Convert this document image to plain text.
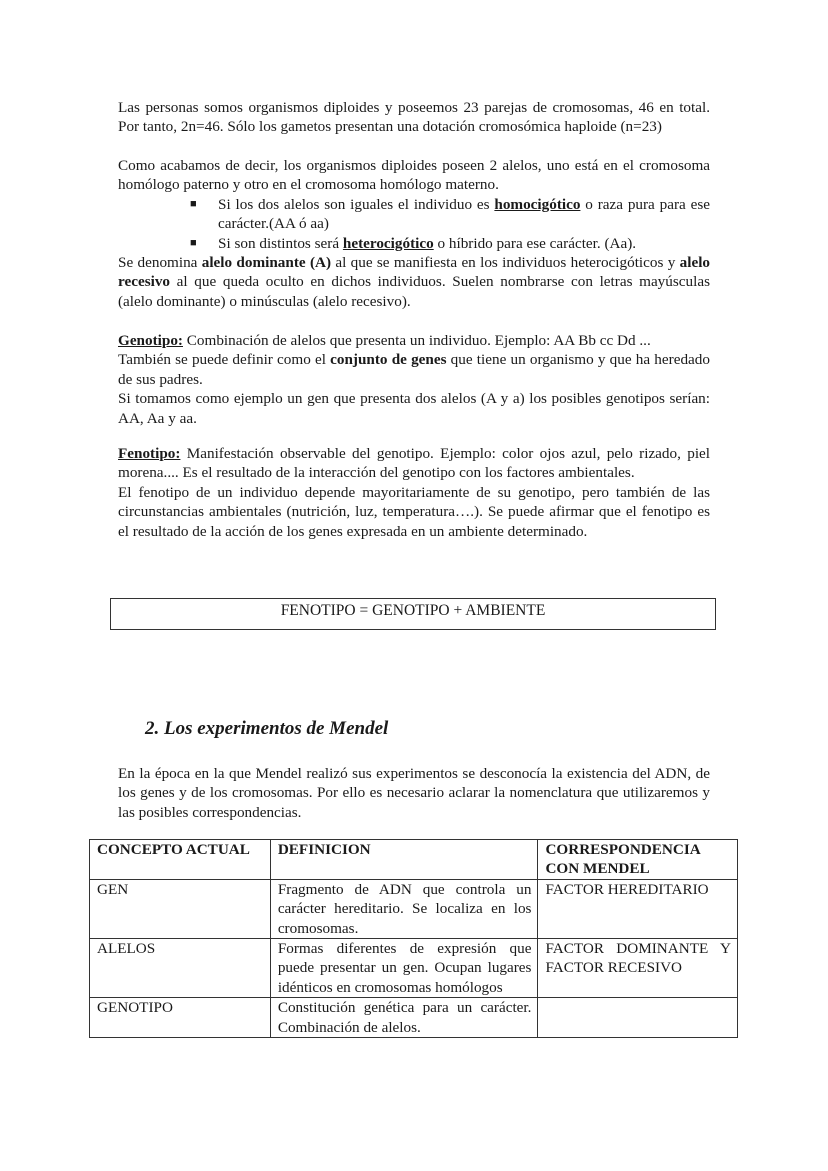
Las personas somos organismos diploides y poseemos 23 parejas de cromosomas, 46 en total. Por tanto, 2n=46. Sólo los gametos presentan una dotación cromosómica haploide (n=23)

Como acabamos de decir, los organismos diploides poseen 2 alelos, uno está en el cromosoma homólogo paterno y otro en el cromosoma homólogo materno.

■ Si los dos alelos son iguales el individuo es homocigótico o raza pura para ese carácter.(AA ó aa)
■ Si son distintos será heterocigótico o híbrido para ese carácter. (Aa).

Se denomina alelo dominante (A) al que se manifiesta en los individuos heterocigóticos y alelo recesivo al que queda oculto en dichos individuos. Suelen nombrarse con letras mayúsculas (alelo dominante) o minúsculas (alelo recesivo).

Genotipo: Combinación de alelos que presenta un individuo. Ejemplo: AA Bb cc Dd ...

También se puede definir como el conjunto de genes que tiene un organismo y que ha heredado de sus padres.

Si tomamos como ejemplo un gen que presenta dos alelos (A y a) los posibles genotipos serían: AA, Aa y aa.

Fenotipo: Manifestación observable del genotipo. Ejemplo: color ojos azul, pelo rizado, piel morena.... Es el resultado de la interacción del genotipo con los factores ambientales.

El fenotipo de un individuo depende mayoritariamente de su genotipo, pero también de las circunstancias ambientales (nutrición, luz, temperatura….). Se puede afirmar que el fenotipo es el resultado de la acción de los genes expresada en un ambiente determinado.

FENOTIPO = GENOTIPO + AMBIENTE
2. Los experimentos de Mendel

En la época en la que Mendel realizó sus experimentos se desconocía la existencia del ADN, de los genes y de los cromosomas. Por ello es necesario aclarar la nomenclatura que utilizaremos y las posibles correspondencias.

CONCEPTO ACTUAL	DEFINICION	CORRESPONDENCIA CON MENDEL
GEN	Fragmento de ADN que controla un carácter hereditario. Se localiza en los cromosomas.	FACTOR HEREDITARIO
ALELOS	Formas diferentes de expresión que puede presentar un gen. Ocupan lugares idénticos en cromosomas homólogos	FACTOR DOMINANTE Y FACTOR RECESIVO
GENOTIPO	Constitución genética para un carácter. Combinación de alelos.	
